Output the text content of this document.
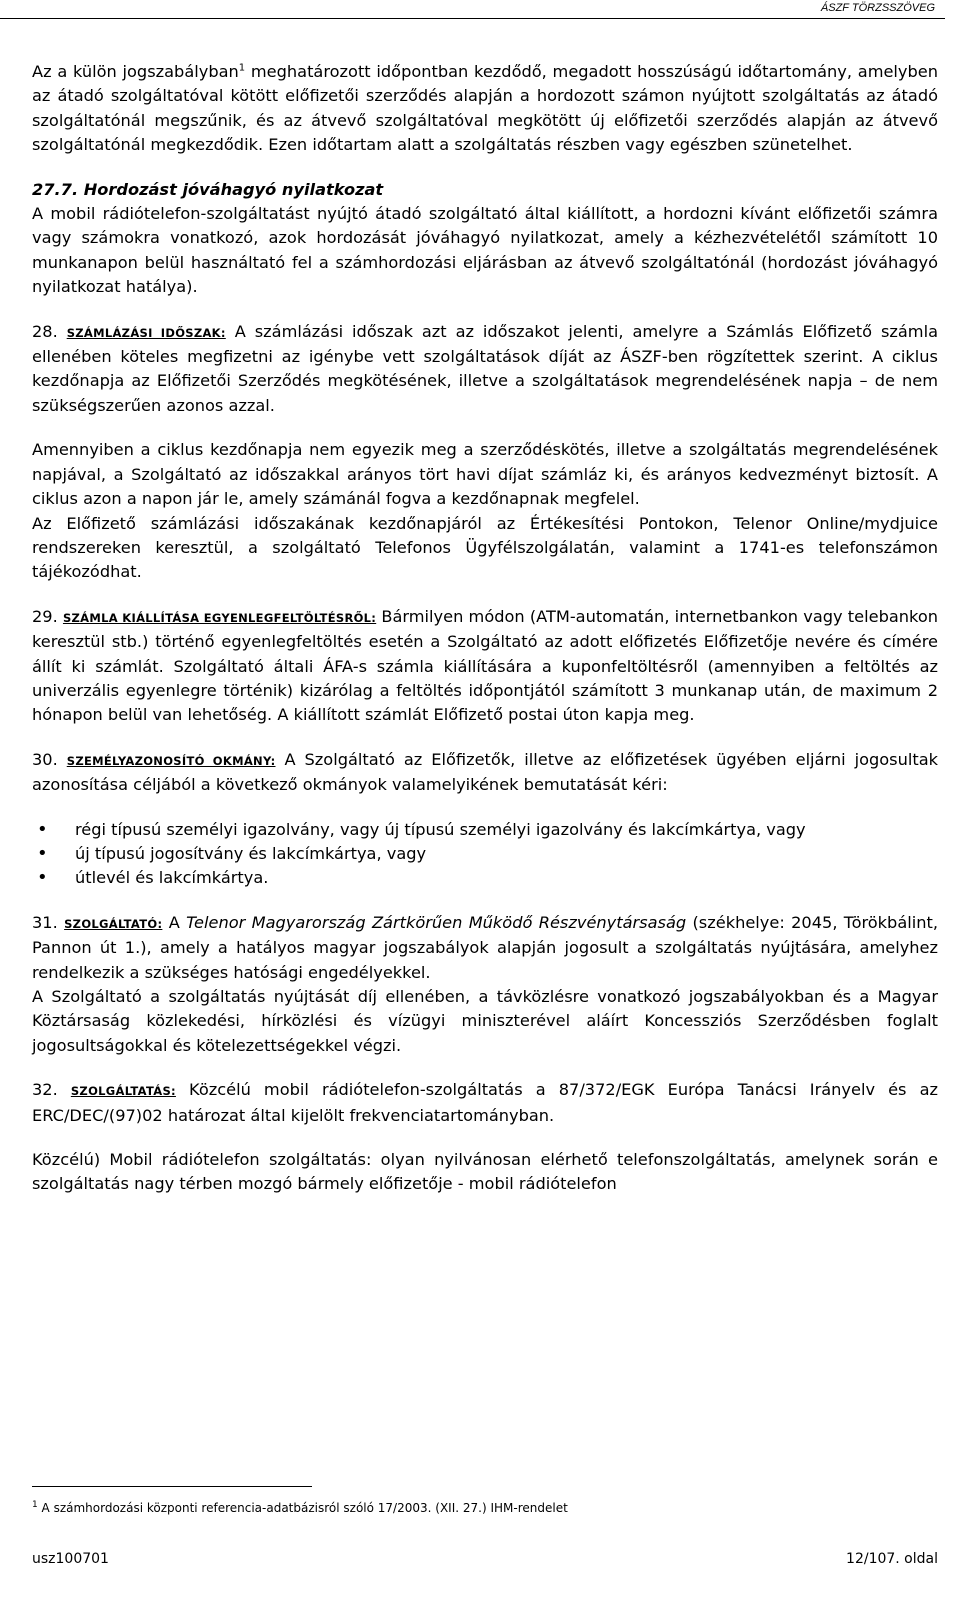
ÁSZF TÖRZSSZÖVEG

Az a külön jogszabályban$^1$ meghatározott időpontban kezdődő, megadott hosszúságú időtartomány, amelyben az átadó szolgáltatóval kötött előfizetői szerződés alapján a hordozott számon nyújtott szolgáltatás az átadó szolgáltatónál megszűnik, és az átvevő szolgáltatóval megkötött új előfizetői szerződés alapján az átvevő szolgáltatónál megkezdődik. Ezen időtartam alatt a szolgáltatás részben vagy egészben szünetelhet.

27.7. Hordozást jóváhagyó nyilatkozat
A mobil rádiótelefon-szolgáltatást nyújtó átadó szolgáltató által kiállított, a hordozni kívánt előfizetői számra vagy számokra vonatkozó, azok hordozását jóváhagyó nyilatkozat, amely a kézhezvételétől számított 10 munkanapon belül használtató fel a számhordozási eljárásban az átvevő szolgáltatónál (hordozást jóváhagyó nyilatkozat hatálya).

28. SZÁMLÁZÁSI IDŐSZAK: A számlázási időszak azt az időszakot jelenti, amelyre a Számlás Előfizető számla ellenében köteles megfizetni az igénybe vett szolgáltatások díját az ÁSZF-ben rögzítettek szerint. A ciklus kezdőnapja az Előfizetői Szerződés megkötésének, illetve a szolgáltatások megrendelésének napja – de nem szükségszerűen azonos azzal.

Amennyiben a ciklus kezdőnapja nem egyezik meg a szerződéskötés, illetve a szolgáltatás megrendelésének napjával, a Szolgáltató az időszakkal arányos tört havi díjat számláz ki, és arányos kedvezményt biztosít. A ciklus azon a napon jár le, amely számánál fogva a kezdőnapnak megfelel.

Az Előfizető számlázási időszakának kezdőnapjáról az Értékesítési Pontokon, Telenor Online/mydjuice rendszereken keresztül, a szolgáltató Telefonos Ügyfélszolgálatán, valamint a 1741-es telefonszámon tájékozódhat.

29. SZÁMLA KIÁLLÍTÁSA EGYENLEGFELTÖLTÉSRŐL: Bármilyen módon (ATM-automatán, internetbankon vagy telebankon keresztül stb.) történő egyenlegfeltöltés esetén a Szolgáltató az adott előfizetés Előfizetője nevére és címére állít ki számlát. Szolgáltató általi ÁFA-s számla kiállítására a kuponfeltöltésről (amennyiben a feltöltés az univerzális egyenlegre történik) kizárólag a feltöltés időpontjától számított 3 munkanap után, de maximum 2 hónapon belül van lehetőség. A kiállított számlát Előfizető postai úton kapja meg.

30. SZEMÉLYAZONOSÍTÓ OKMÁNY: A Szolgáltató az Előfizetők, illetve az előfizetések ügyében eljárni jogosultak azonosítása céljából a következő okmányok valamelyikének bemutatását kéri:

• régi típusú személyi igazolvány, vagy új típusú személyi igazolvány és lakcímkártya, vagy
• új típusú jogosítvány és lakcímkártya, vagy
• útlevél és lakcímkártya.

31. SZOLGÁLTATÓ: A Telenor Magyarország Zártkörűen Működő Részvénytársaság (székhelye: 2045, Törökbálint, Pannon út 1.), amely a hatályos magyar jogszabályok alapján jogosult a szolgáltatás nyújtására, amelyhez rendelkezik a szükséges hatósági engedélyekkel.

A Szolgáltató a szolgáltatás nyújtását díj ellenében, a távközlésre vonatkozó jogszabályokban és a Magyar Köztársaság közlekedési, hírközlési és vízügyi miniszterével aláírt Koncessziós Szerződésben foglalt jogosultságokkal és kötelezettségekkel végzi.

32. SZOLGÁLTATÁS: Közcélú mobil rádiótelefon-szolgáltatás a 87/372/EGK Európa Tanácsi Irányelv és az ERC/DEC/(97)02 határozat által kijelölt frekvenciatartományban.

Közcélú) Mobil rádiótelefon szolgáltatás: olyan nyilvánosan elérhető telefonszolgáltatás, amelynek során e szolgáltatás nagy térben mozgó bármely előfizetője - mobil rádiótelefon

$^1$ A számhordozási központi referencia-adatbázisról szóló 17/2003. (XII. 27.) IHM-rendelet
usz100701	12/107. oldal
